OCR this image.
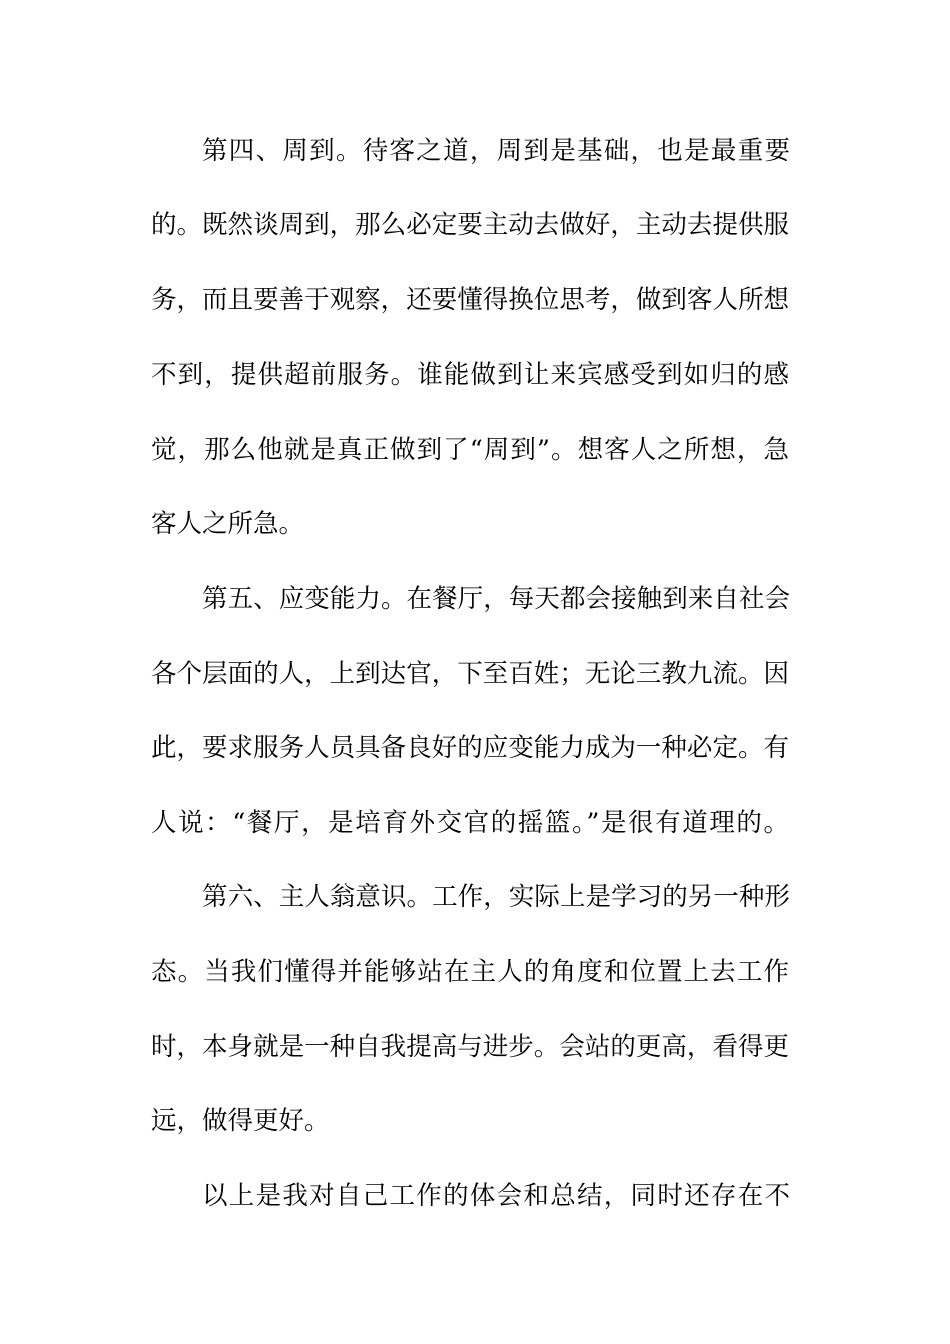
第四、周到。待客之道，周到是基础，也是最重要
的。既然谈周到，那么必定要主动去做好，主动去提供服
务，而且要善于观察，还要懂得换位思考，做到客人所想
不到，提供超前服务。谁能做到让来宾感受到如归的感
觉，那么他就是真正做到了“周到”。想客人之所想，急
客人之所急。
第五、应变能力。在餐厅，每天都会接触到来自社会
各个层面的人，上到达官，下至百姓；无论三教九流。因
此，要求服务人员具备良好的应变能力成为一种必定。有
人说：“餐厅，是培育外交官的摇篮。”是很有道理的。
第六、主人翁意识。工作，实际上是学习的另一种形
态。当我们懂得并能够站在主人的角度和位置上去工作
时，本身就是一种自我提高与进步。会站的更高，看得更
远，做得更好。
以上是我对自己工作的体会和总结，同时还存在不
